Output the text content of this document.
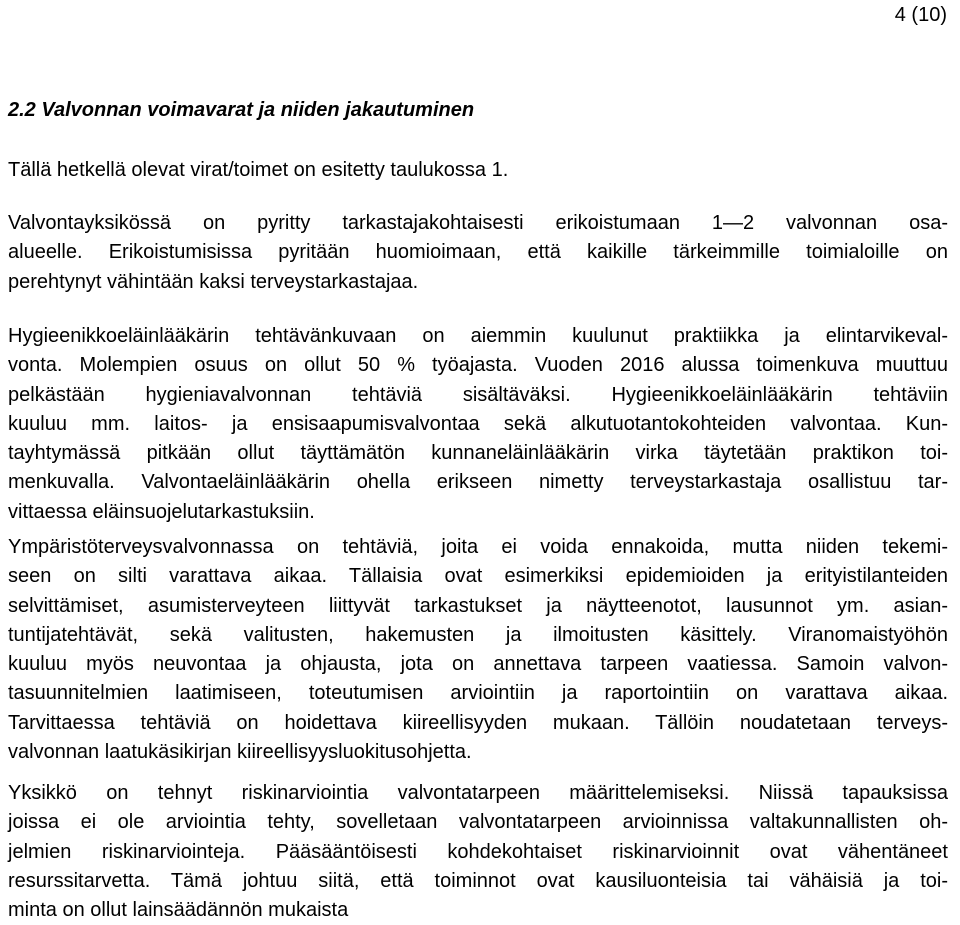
4 (10)
2.2 Valvonnan voimavarat ja niiden jakautuminen
Tällä hetkellä olevat virat/toimet on esitetty taulukossa 1.
Valvontayksikössä on pyritty tarkastajakohtaisesti erikoistumaan 1—2 valvonnan osa-
alueelle. Erikoistumisissa pyritään huomioimaan, että kaikille tärkeimmille toimialoille on
perehtynyt vähintään kaksi terveystarkastajaa.
Hygieenikkoeläinlääkärin tehtävänkuvaan on aiemmin kuulunut praktiikka ja elintarvikeval-
vonta. Molempien osuus on ollut 50 % työajasta. Vuoden 2016 alussa toimenkuva muuttuu
pelkästään hygieniavalvonnan tehtäviä sisältäväksi. Hygieenikkoeläinlääkärin tehtäviin
kuuluu mm. laitos- ja ensisaapumisvalvontaa sekä alkutuotantokohteiden valvontaa. Kun-
tayhtymässä pitkään ollut täyttämätön kunnaneläinlääkärin virka täytetään praktikon toi-
menkuvalla. Valvontaeläinlääkärin ohella erikseen nimetty terveystarkastaja osallistuu tar-
vittaessa eläinsuojelutarkastuksiin.
Ympäristöterveysvalvonnassa on tehtäviä, joita ei voida ennakoida, mutta niiden tekemi-
seen on silti varattava aikaa. Tällaisia ovat esimerkiksi epidemioiden ja erityistilanteiden
selvittämiset, asumisterveyteen liittyvät tarkastukset ja näytteenotot, lausunnot ym. asian-
tuntijatehtävät, sekä valitusten, hakemusten ja ilmoitusten käsittely. Viranomaistyöhön
kuuluu myös neuvontaa ja ohjausta, jota on annettava tarpeen vaatiessa. Samoin valvon-
tasuunnitelmien laatimiseen, toteutumisen arviointiin ja raportointiin on varattava aikaa.
Tarvittaessa tehtäviä on hoidettava kiireellisyyden mukaan. Tällöin noudatetaan terveys-
valvonnan laatukäsikirjan kiireellisyysluokitusohjetta.
Yksikkö on tehnyt riskinarviointia valvontatarpeen määrittelemiseksi. Niissä tapauksissa
joissa ei ole arviointia tehty, sovelletaan valvontatarpeen arvioinnissa valtakunnallisten oh-
jelmien riskinarviointeja. Pääsääntöisesti kohdekohtaiset riskinarvioinnit ovat vähentäneet
resurssitarvetta. Tämä johtuu siitä, että toiminnot ovat kausiluonteisia tai vähäisiä ja toi-
minta on ollut lainsäädännön mukaista
